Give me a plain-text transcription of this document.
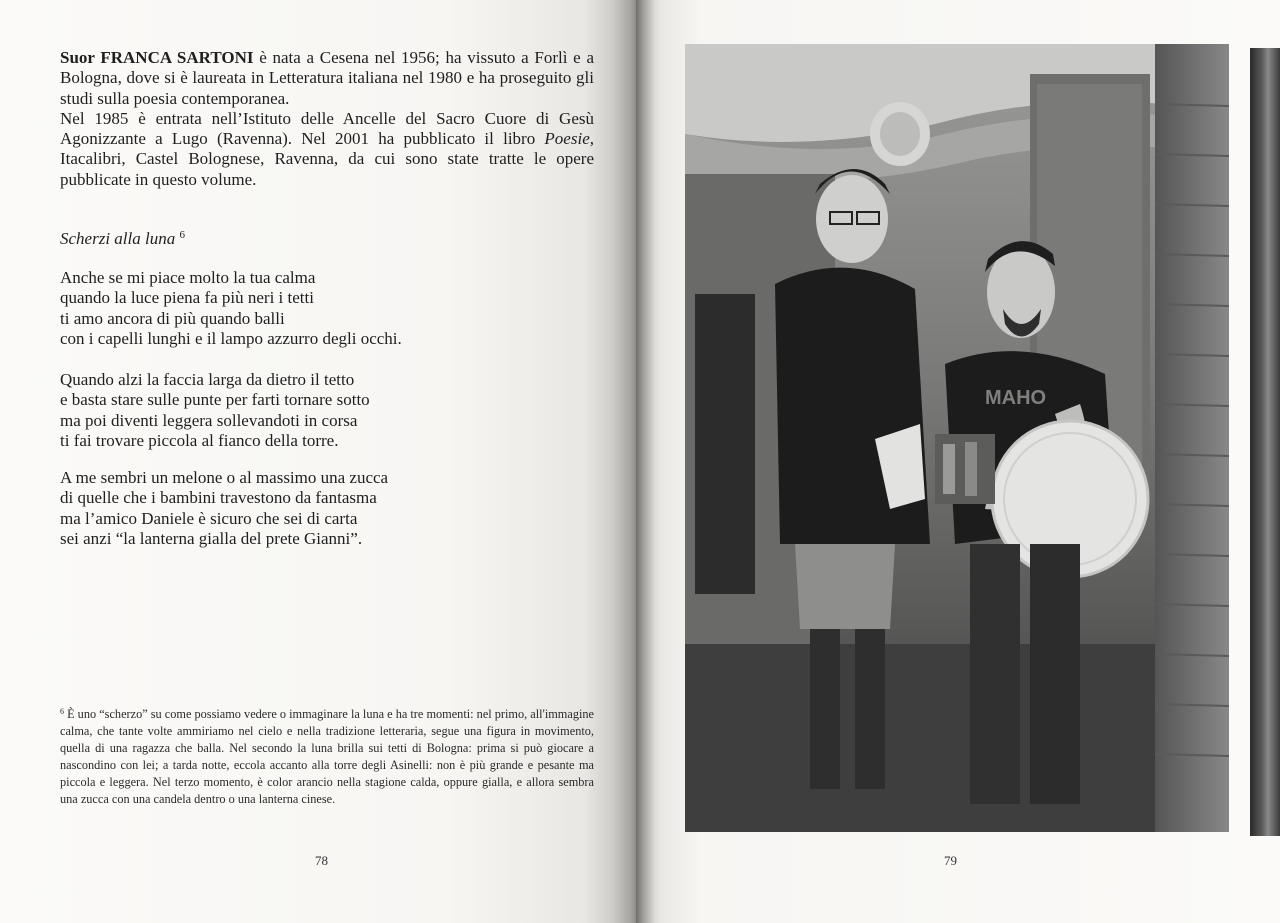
Suor FRANCA SARTONI è nata a Cesena nel 1956; ha vissuto a Forlì e a Bologna, dove si è laureata in Letteratura italiana nel 1980 e ha proseguito gli studi sulla poesia contemporanea.

Nel 1985 è entrata nell’Istituto delle Ancelle del Sacro Cuore di Gesù Agonizzante a Lugo (Ravenna). Nel 2001 ha pubblicato il libro Poesie, Itacalibri, Castel Bolognese, Ravenna, da cui sono state tratte le opere pubblicate in questo volume.

Scherzi alla luna $^6$
Anche se mi piace molto la tua calma
quando la luce piena fa più neri i tetti
ti amo ancora di più quando balli
con i capelli lunghi e il lampo azzurro degli occhi.
Quando alzi la faccia larga da dietro il tetto
e basta stare sulle punte per farti tornare sotto
ma poi diventi leggera sollevandoti in corsa
ti fai trovare piccola al fianco della torre.
A me sembri un melone o al massimo una zucca
di quelle che i bambini travestono da fantasma
ma l’amico Daniele è sicuro che sei di carta
sei anzi “la lanterna gialla del prete Gianni”.
$^6$ È uno “scherzo” su come possiamo vedere o immaginare la luna e ha tre momenti: nel primo, all'immagine calma, che tante volte ammiriamo nel cielo e nella tradizione letteraria, segue una figura in movimento, quella di una ragazza che balla. Nel secondo la luna brilla sui tetti di Bologna: prima si può giocare a nascondino con lei; a tarda notte, eccola accanto alla torre degli Asinelli: non è più grande e pesante ma piccola e leggera. Nel terzo momento, è color arancio nella stagione calda, oppure gialla, e allora sembra una zucca con una candela dentro o una lanterna cinese.
78
MAHO
79
